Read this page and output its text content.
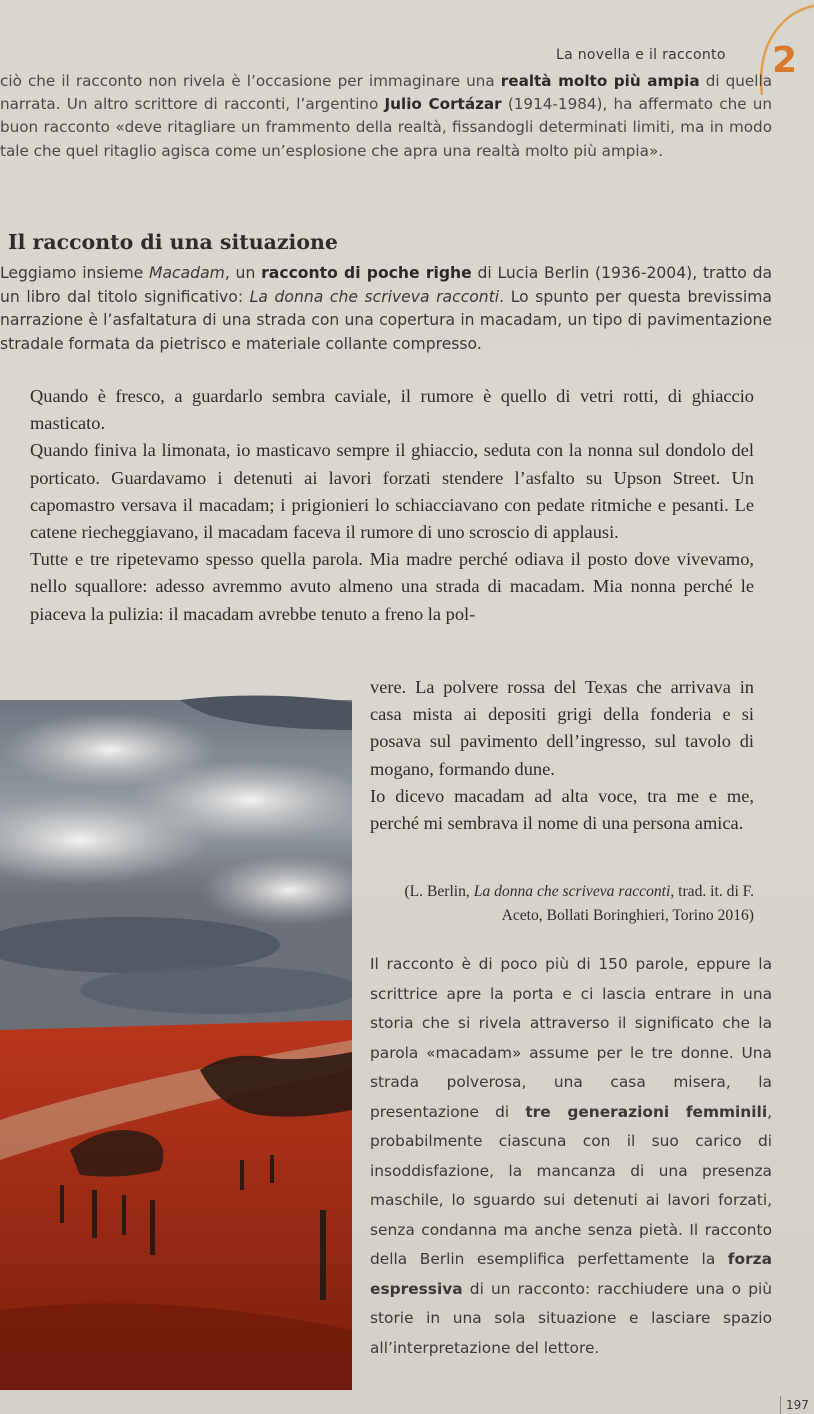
La novella e il racconto 2

ciò che il racconto non rivela è l’occasione per immaginare una realtà molto più ampia di quella narrata. Un altro scrittore di racconti, l’argentino Julio Cortázar (1914-1984), ha affermato che un buon racconto «deve ritagliare un frammento della realtà, fissandogli determinati limiti, ma in modo tale che quel ritaglio agisca come un’esplosione che apra una realtà molto più ampia».

Il racconto di una situazione

Leggiamo insieme Macadam, un racconto di poche righe di Lucia Berlin (1936-2004), tratto da un libro dal titolo significativo: La donna che scriveva racconti. Lo spunto per questa brevissima narrazione è l’asfaltatura di una strada con una copertura in macadam, un tipo di pavimentazione stradale formata da pietrisco e materiale collante compresso.

Quando è fresco, a guardarlo sembra caviale, il rumore è quello di vetri rotti, di ghiaccio masticato.

Quando finiva la limonata, io masticavo sempre il ghiaccio, seduta con la nonna sul dondolo del porticato. Guardavamo i detenuti ai lavori forzati stendere l’asfalto su Upson Street. Un capomastro versava il macadam; i prigionieri lo schiacciavano con pedate ritmiche e pesanti. Le catene riecheggiavano, il macadam faceva il rumore di uno scroscio di applausi.

Tutte e tre ripetevamo spesso quella parola. Mia madre perché odiava il posto dove vivevamo, nello squallore: adesso avremmo avuto almeno una strada di macadam. Mia nonna perché le piaceva la pulizia: il macadam avrebbe tenuto a freno la pol-

vere. La polvere rossa del Texas che arrivava in casa mista ai depositi grigi della fonderia e si posava sul pavimento dell’ingresso, sul tavolo di mogano, formando dune.

Io dicevo macadam ad alta voce, tra me e me, perché mi sembrava il nome di una persona amica.

(L. Berlin, La donna che scriveva racconti, trad. it. di F. Aceto, Bollati Boringhieri, Torino 2016)

Il racconto è di poco più di 150 parole, eppure la scrittrice apre la porta e ci lascia entrare in una storia che si rivela attraverso il significato che la parola «macadam» assume per le tre donne. Una strada polverosa, una casa misera, la presentazione di tre generazioni femminili, probabilmente ciascuna con il suo carico di insoddisfazione, la mancanza di una presenza maschile, lo sguardo sui detenuti ai lavori forzati, senza condanna ma anche senza pietà. Il racconto della Berlin esemplifica perfettamente la forza espressiva di un racconto: racchiudere una o più storie in una sola situazione e lasciare spazio all’interpretazione del lettore.

197
